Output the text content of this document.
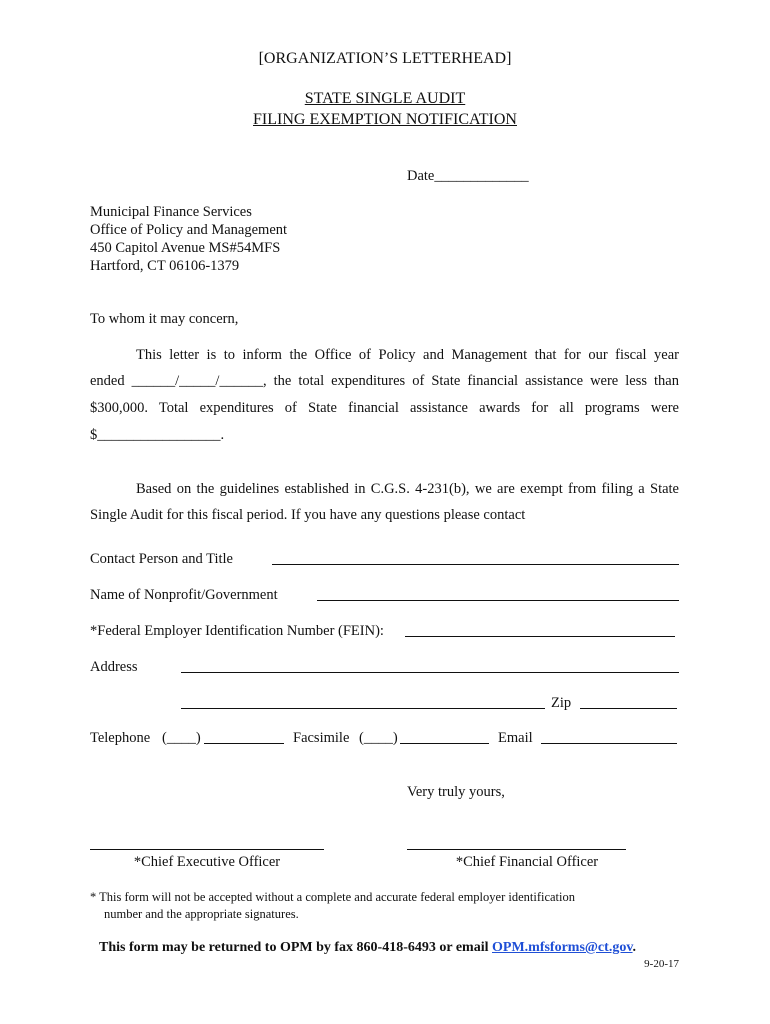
[ORGANIZATION’S LETTERHEAD]
STATE SINGLE AUDIT
FILING EXEMPTION NOTIFICATION
Date_____________
Municipal Finance Services
Office of Policy and Management
450 Capitol Avenue MS#54MFS
Hartford, CT 06106-1379
To whom it may concern,
This letter is to inform the Office of Policy and Management that for our fiscal year
ended ______/_____/______, the total expenditures of State financial assistance were less than
$300,000. Total expenditures of State financial assistance awards for all programs were
$_________________.
Based on the guidelines established in C.G.S. 4-231(b), we are exempt from filing a State
Single Audit for this fiscal period. If you have any questions please contact
Contact Person and Title
Name of Nonprofit/Government
*Federal Employer Identification Number (FEIN):
Address
Zip
Telephone (____)	Facsimile (____)	Email
Very truly yours,
*Chief Executive Officer	*Chief Financial Officer
* This form will not be accepted without a complete and accurate federal employer identification
number and the appropriate signatures.
This form may be returned to OPM by fax 860-418-6493 or email OPM.mfsforms@ct.gov.
9-20-17
